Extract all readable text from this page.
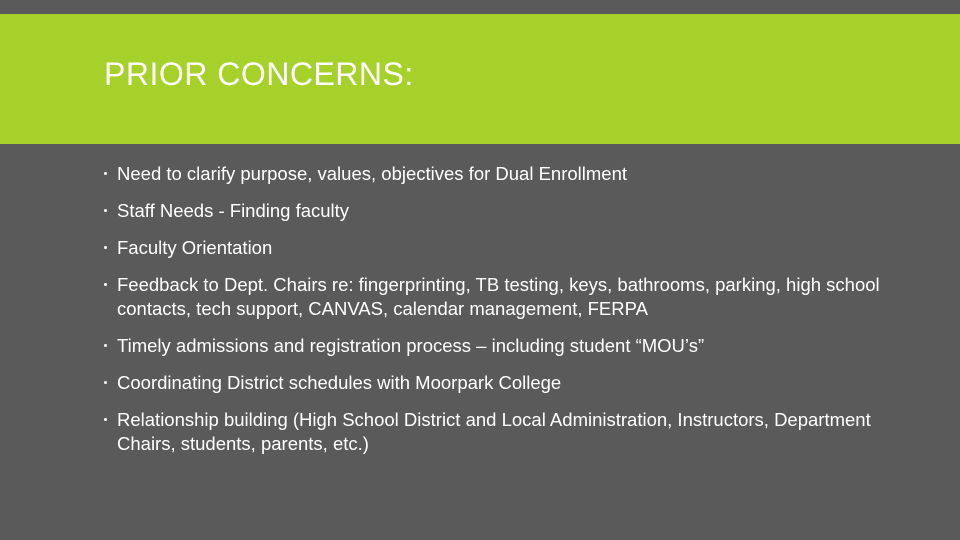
PRIOR CONCERNS:
Need to clarify purpose, values, objectives for Dual Enrollment
Staff Needs - Finding faculty
Faculty Orientation
Feedback to Dept. Chairs re: fingerprinting, TB testing, keys, bathrooms, parking, high school contacts, tech support, CANVAS, calendar management, FERPA
Timely admissions and registration process – including student “MOU’s”
Coordinating District schedules with Moorpark College
Relationship building (High School District and Local Administration, Instructors, Department Chairs, students, parents, etc.)
